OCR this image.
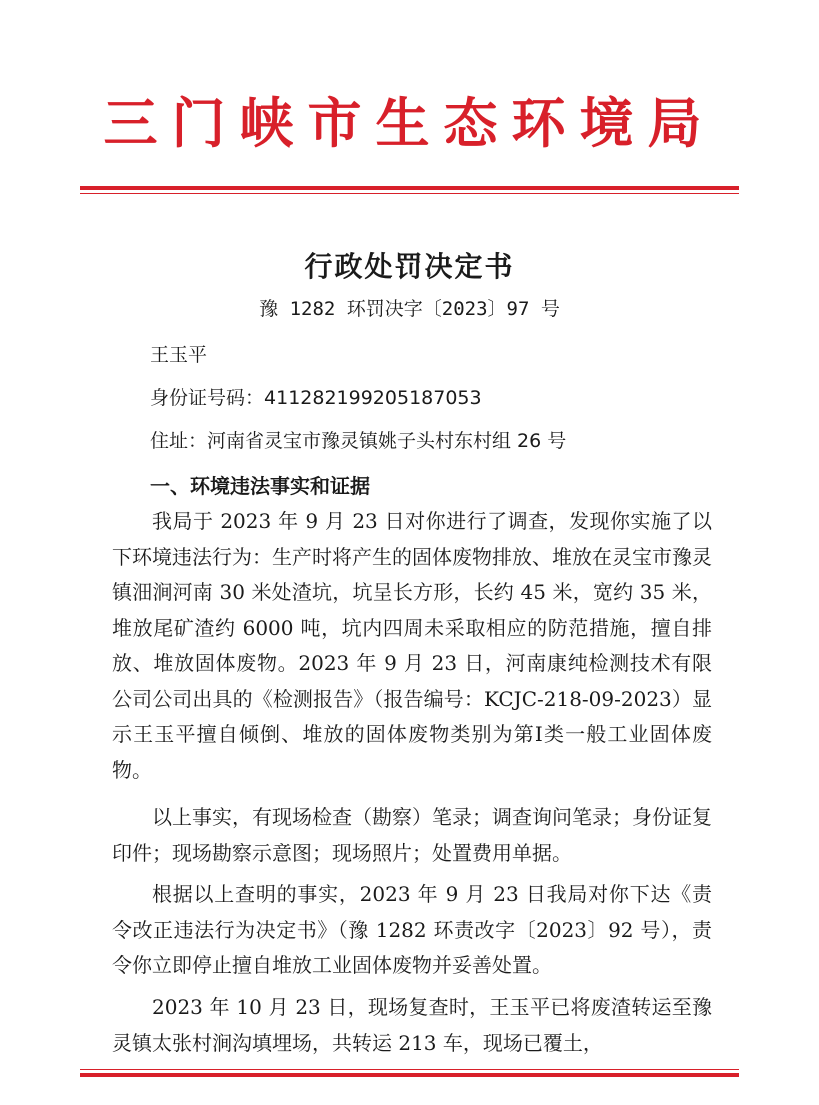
三门峡市生态环境局
行政处罚决定书
豫 1282 环罚决字〔2023〕97 号
王玉平
身份证号码：411282199205187053
住址：河南省灵宝市豫灵镇姚子头村东村组 26 号
一、环境违法事实和证据
我局于 2023 年 9 月 23 日对你进行了调查，发现你实施了以下环境违法行为：生产时将产生的固体废物排放、堆放在灵宝市豫灵镇沺涧河南 30 米处渣坑，坑呈长方形，长约 45 米，宽约 35 米，堆放尾矿渣约 6000 吨，坑内四周未采取相应的防范措施，擅自排放、堆放固体废物。2023 年 9 月 23 日，河南康纯检测技术有限公司公司出具的《检测报告》（报告编号：KCJC-218-09-2023）显示王玉平擅自倾倒、堆放的固体废物类别为第Ⅰ类一般工业固体废物。
以上事实，有现场检查（勘察）笔录；调查询问笔录；身份证复印件；现场勘察示意图；现场照片；处置费用单据。
根据以上查明的事实，2023 年 9 月 23 日我局对你下达《责令改正违法行为决定书》（豫 1282 环责改字〔2023〕92 号），责令你立即停止擅自堆放工业固体废物并妥善处置。
2023 年 10 月 23 日，现场复查时，王玉平已将废渣转运至豫灵镇太张村涧沟填埋场，共转运 213 车，现场已覆土，
